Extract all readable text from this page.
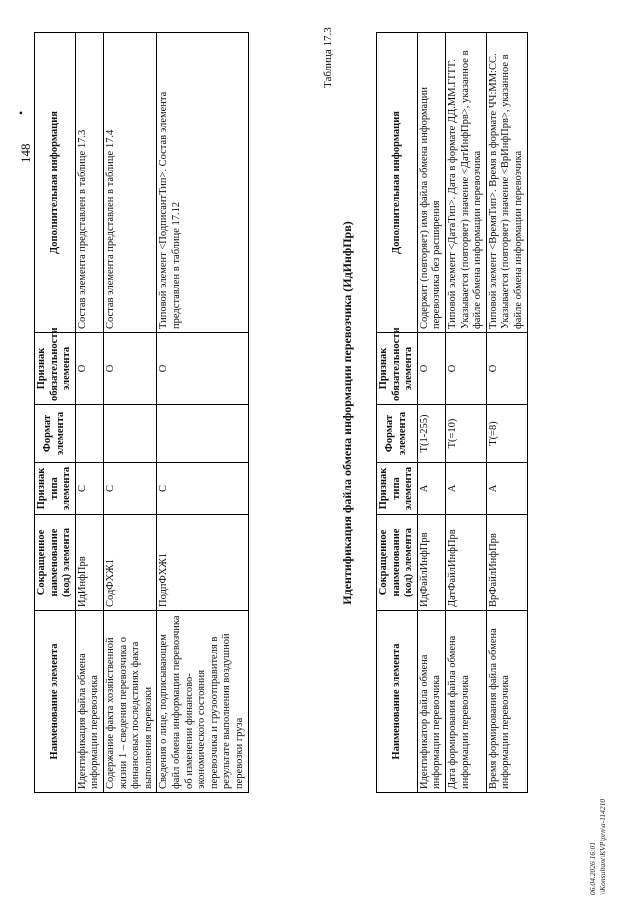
148
•
Наименование элемента	Сокращенное наименование (код) элемента	Признак типа элемента	Формат элемента	Признак обязательности элемента	Дополнительная информация
Идентификация файла обмена информации перевозчика	ИдИнфПрв	С		О	Состав элемента представлен в таблице 17.3
Содержание факта хозяйственной жизни 1 – сведения перевозчика о финансовых последствиях факта выполнения перевозки	СодФХЖ1	С		О	Состав элемента представлен в таблице 17.4
Сведения о лице, подписывающем файл обмена информации перевозчика об изменении финансово-экономического состояния перевозчика и грузоотправителя в результате выполнения воздушной перевозки груза	ПодпФХЖ1	С		О	Типовой элемент <ПодписантТип>. Состав элемента представлен в таблице 17.12
Таблица 17.3
Идентификация файла обмена информации перевозчика (ИдИнфПрв)
Наименование элемента	Сокращенное наименование (код) элемента	Признак типа элемента	Формат элемента	Признак обязательности элемента	Дополнительная информация
Идентификатор файла обмена информации перевозчика	ИдФайлИнфПрв	А	T(1-255)	О	Содержит (повторяет) имя файла обмена информации перевозчика без расширения
Дата формирования файла обмена информации перевозчика	ДатФайлИнфПрв	А	T(=10)	О	Типовой элемент <ДатаТип>. Дата в формате ДД.ММ.ГГГГ. Указывается (повторяет) значение <ДатИнфПрв>, указанное в файле обмена информации перевозчика
Время формирования файла обмена информации перевозчика	ВрФайлИнфПрв	А	T(=8)	О	Типовой элемент <ВремяТип>. Время в формате ЧЧ:ММ:СС. Указывается (повторяет) значение <ВрИнфПрв>, указанное в файле обмена информации перевозчика
06.04.2026 16:01 \\Konsultant\KVP\prn\a-114210
